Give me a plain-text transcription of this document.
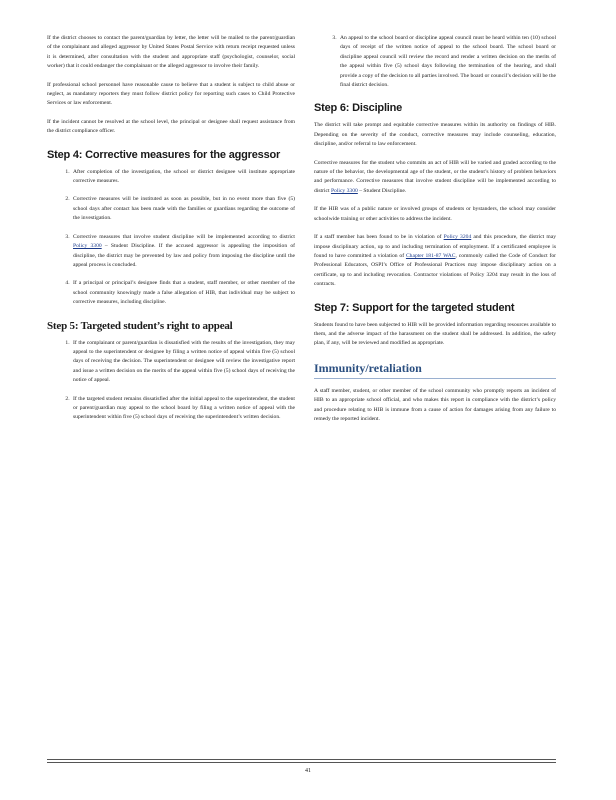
If the district chooses to contact the parent/guardian by letter, the letter will be mailed to the parent/guardian of the complainant and alleged aggressor by United States Postal Service with return receipt requested unless it is determined, after consultation with the student and appropriate staff (psychologist, counselor, social worker) that it could endanger the complainant or the alleged aggressor to involve their family.

If professional school personnel have reasonable cause to believe that a student is subject to child abuse or neglect, as mandatory reporters they must follow district policy for reporting such cases to Child Protective Services or law enforcement.

If the incident cannot be resolved at the school level, the principal or designee shall request assistance from the district compliance officer.

Step 4: Corrective measures for the aggressor
1. After completion of the investigation, the school or district designee will institute appropriate corrective measures.
2. Corrective measures will be instituted as soon as possible, but in no event more than five (5) school days after contact has been made with the families or guardians regarding the outcome of the investigation.
3. Corrective measures that involve student discipline will be implemented according to district Policy 3300 – Student Discipline. If the accused aggressor is appealing the imposition of discipline, the district may be prevented by law and policy from imposing the discipline until the appeal process is concluded.
4. If a principal or principal’s designee finds that a student, staff member, or other member of the school community knowingly made a false allegation of HIB, that individual may be subject to corrective measures, including discipline.
Step 5: Targeted student’s right to appeal
1. If the complainant or parent/guardian is dissatisfied with the results of the investigation, they may appeal to the superintendent or designee by filing a written notice of appeal within five (5) school days of receiving the decision. The superintendent or designee will review the investigative report and issue a written decision on the merits of the appeal within five (5) school days of receiving the notice of appeal.
2. If the targeted student remains dissatisfied after the initial appeal to the superintendent, the student or parent/guardian may appeal to the school board by filing a written notice of appeal with the superintendent within five (5) school days of receiving the superintendent’s written decision.
3. An appeal to the school board or discipline appeal council must be heard within ten (10) school days of receipt of the written notice of appeal to the school board. The school board or discipline appeal council will review the record and render a written decision on the merits of the appeal within five (5) school days following the termination of the hearing, and shall provide a copy of the decision to all parties involved. The board or council’s decision will be the final district decision.
Step 6: Discipline

The district will take prompt and equitable corrective measures within its authority on findings of HIB. Depending on the severity of the conduct, corrective measures may include counseling, education, discipline, and/or referral to law enforcement.

Corrective measures for the student who commits an act of HIB will be varied and graded according to the nature of the behavior, the developmental age of the student, or the student’s history of problem behaviors and performance. Corrective measures that involve student discipline will be implemented according to district Policy 3300 – Student Discipline.

If the HIB was of a public nature or involved groups of students or bystanders, the school may consider schoolwide training or other activities to address the incident.

If a staff member has been found to be in violation of Policy 3204 and this procedure, the district may impose disciplinary action, up to and including termination of employment. If a certificated employee is found to have committed a violation of Chapter 181-87 WAC, commonly called the Code of Conduct for Professional Educators, OSPI’s Office of Professional Practices may impose disciplinary action on a certificate, up to and including revocation. Contractor violations of Policy 3204 may result in the loss of contracts.

Step 7: Support for the targeted student

Students found to have been subjected to HIB will be provided information regarding resources available to them, and the adverse impact of the harassment on the student shall be addressed. In addition, the safety plan, if any, will be reviewed and modified as appropriate.

Immunity/retaliation

A staff member, student, or other member of the school community who promptly reports an incident of HIB to an appropriate school official, and who makes this report in compliance with the district’s policy and procedure relating to HIB is immune from a cause of action for damages arising from any failure to remedy the reported incident.

41
